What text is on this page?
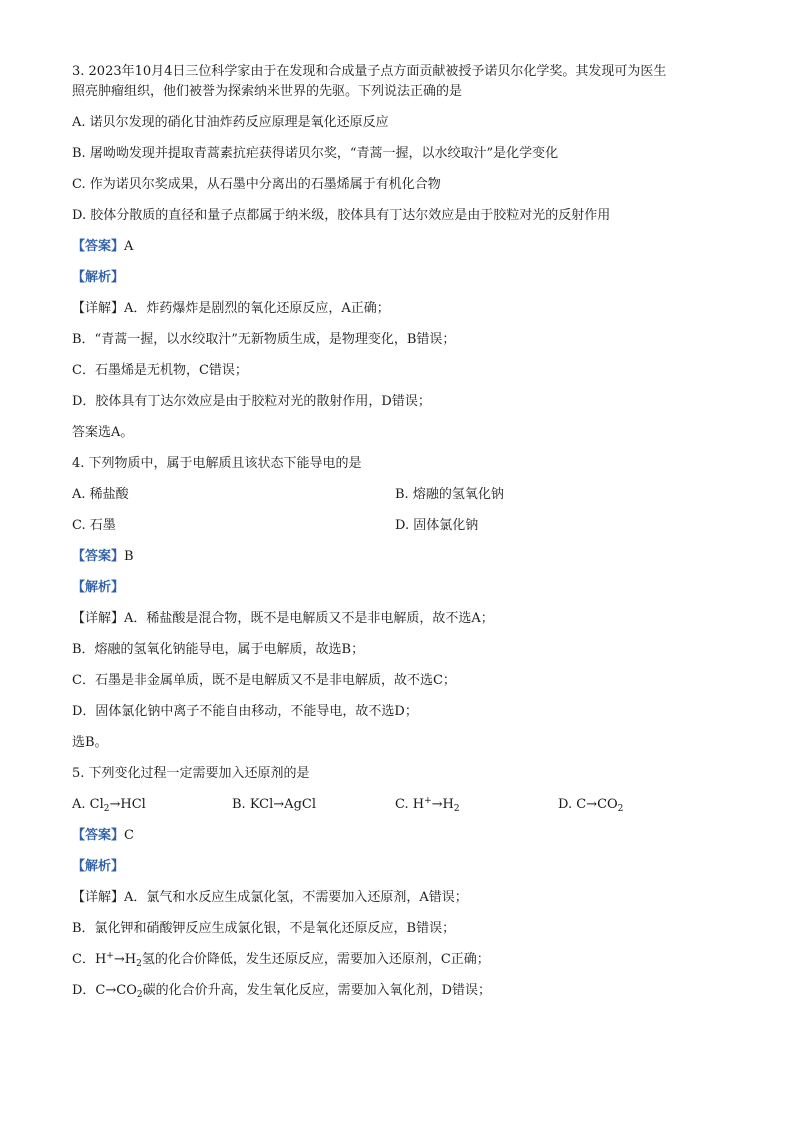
3. 2023年10月4日三位科学家由于在发现和合成量子点方面贡献被授予诺贝尔化学奖。其发现可为医生
照亮肿瘤组织，他们被誉为探索纳米世界的先驱。下列说法正确的是
A. 诺贝尔发现的硝化甘油炸药反应原理是氧化还原反应
B. 屠呦呦发现并提取青蒿素抗疟获得诺贝尔奖，“青蒿一握，以水绞取汁”是化学变化
C. 作为诺贝尔奖成果，从石墨中分离出的石墨烯属于有机化合物
D. 胶体分散质的直径和量子点都属于纳米级，胶体具有丁达尔效应是由于胶粒对光的反射作用
【答案】A
【解析】
【详解】A．炸药爆炸是剧烈的氧化还原反应，A正确；
B．“青蒿一握，以水绞取汁”无新物质生成，是物理变化，B错误；
C．石墨烯是无机物，C错误；
D．胶体具有丁达尔效应是由于胶粒对光的散射作用，D错误；
答案选A。
4. 下列物质中，属于电解质且该状态下能导电的是
A. 稀盐酸	B. 熔融的氢氧化钠
C. 石墨	D. 固体氯化钠
【答案】B
【解析】
【详解】A．稀盐酸是混合物，既不是电解质又不是非电解质，故不选A；
B．熔融的氢氧化钠能导电，属于电解质，故选B；
C．石墨是非金属单质，既不是电解质又不是非电解质，故不选C；
D．固体氯化钠中离子不能自由移动，不能导电，故不选D；
选B。
5. 下列变化过程一定需要加入还原剂的是
A. $Cl_2\to HCl$	B. KCl→AgCl	C. $H^+\to H_2$	D. $C\to CO_2$
【答案】C
【解析】
【详解】A．氯气和水反应生成氯化氢，不需要加入还原剂，A错误；
B．氯化钾和硝酸钾反应生成氯化银，不是氧化还原反应，B错误；
C．$H^+\to H_2$氢的化合价降低，发生还原反应，需要加入还原剂，C正确；
D．$C\to CO_2$碳的化合价升高，发生氧化反应，需要加入氧化剂，D错误；
